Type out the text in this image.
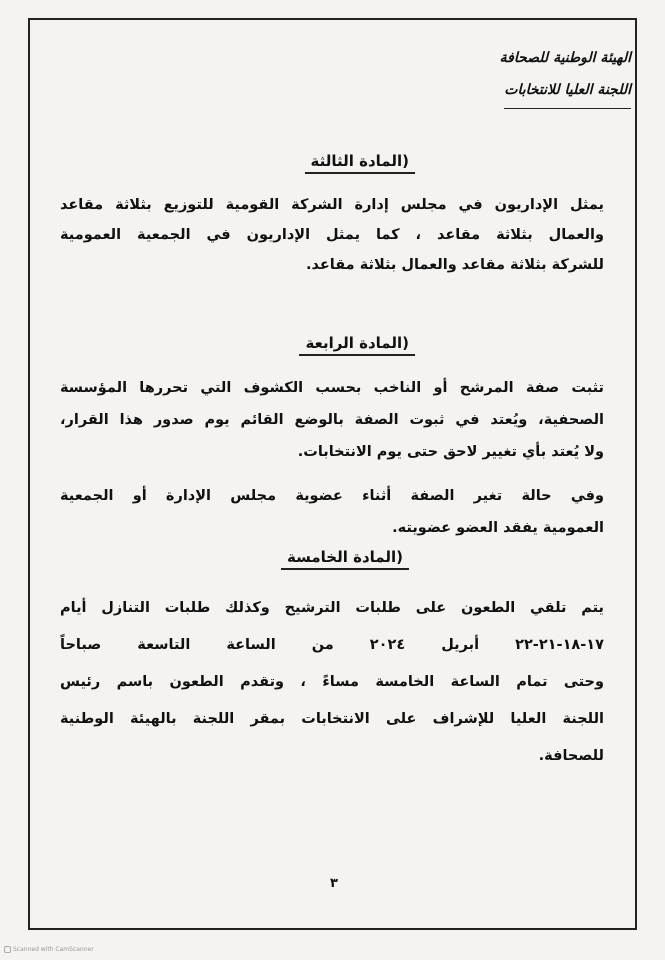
الهيئة الوطنية للصحافة
اللجنة العليا للانتخابات
( المادة الثالثة
يمثل الإداريون في مجلس إدارة الشركة القومية للتوزيع بثلاثة مقاعد
والعمال بثلاثة مقاعد ، كما يمثل الإداريون في الجمعية العمومية
للشركة بثلاثة مقاعد والعمال بثلاثة مقاعد.
( المادة الرابعة
تثبت صفة المرشح أو الناخب بحسب الكشوف التي تحررها المؤسسة
الصحفية، ويُعتد في ثبوت الصفة بالوضع القائم يوم صدور هذا القرار،
ولا يُعتد بأي تغيير لاحق حتى يوم الانتخابات.
وفي حالة تغير الصفة أثناء عضوية مجلس الإدارة أو الجمعية
العمومية يفقد العضو عضويته.
( المادة الخامسة
يتم تلقي الطعون على طلبات الترشيح وكذلك طلبات التنازل أيام
١٧-١٨-٢١-٢٢ أبريل ٢٠٢٤ من الساعة التاسعة صباحاً
وحتى تمام الساعة الخامسة مساءً ، وتقدم الطعون باسم رئيس
اللجنة العليا للإشراف على الانتخابات بمقر اللجنة بالهيئة الوطنية
للصحافة.
٣
Scanned with CamScanner
